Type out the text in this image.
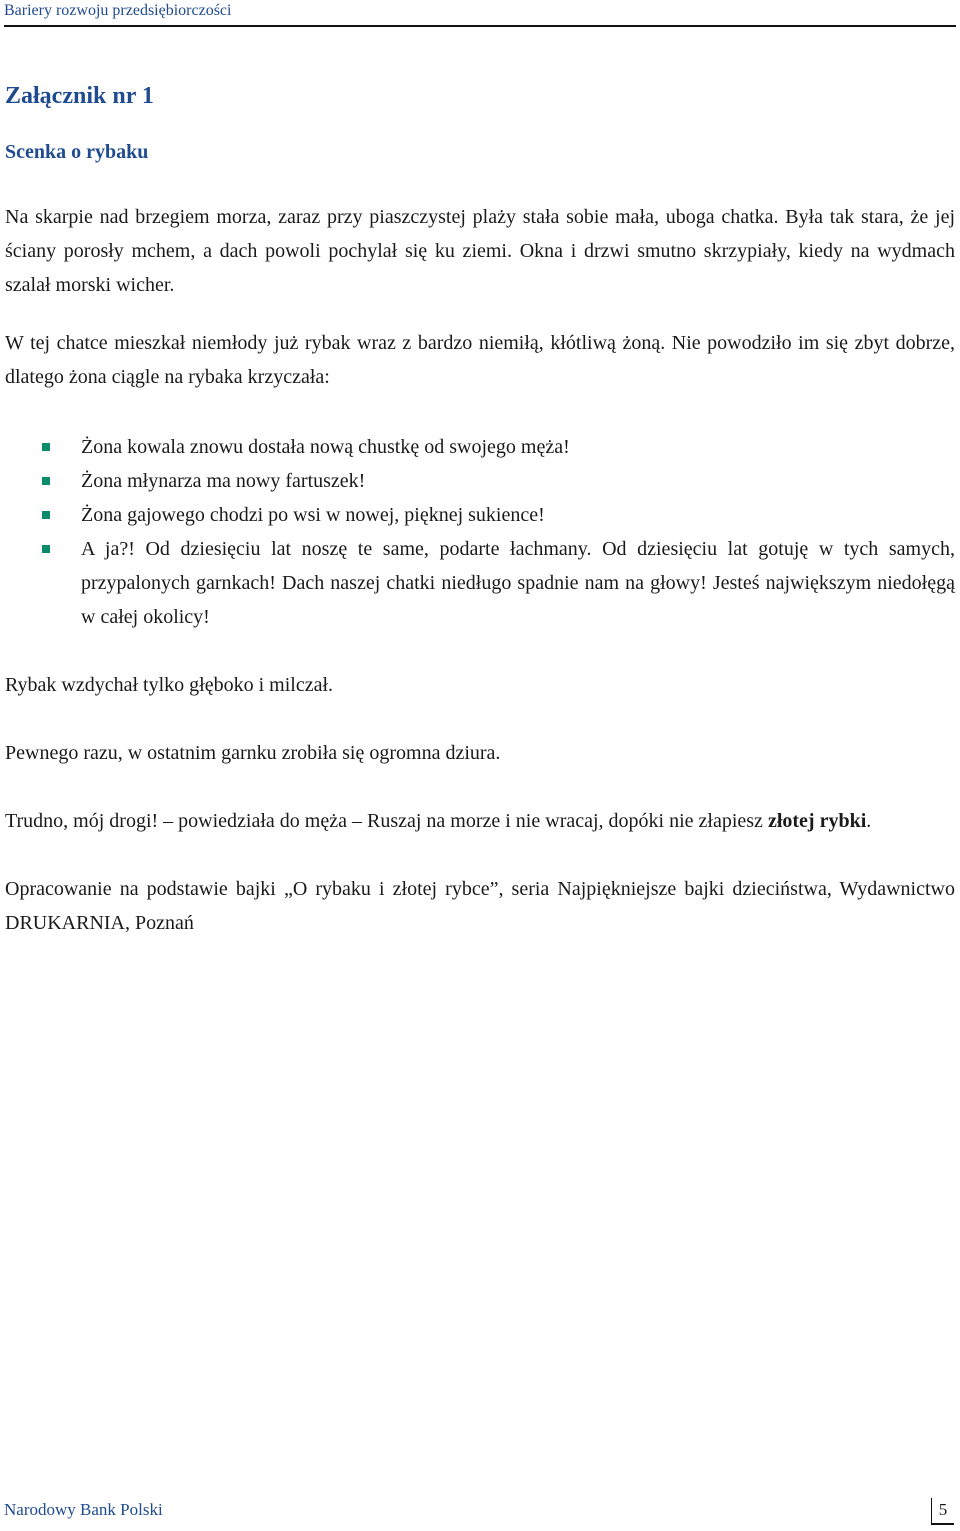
Bariery rozwoju przedsiębiorczości
Załącznik nr 1
Scenka o rybaku

Na skarpie nad brzegiem morza, zaraz przy piaszczystej plaży stała sobie mała, uboga chatka. Była tak stara, że jej ściany porosły mchem, a dach powoli pochylał się ku ziemi. Okna i drzwi smutno skrzypiały, kiedy na wydmach szalał morski wicher.

W tej chatce mieszkał niemłody już rybak wraz z bardzo niemiłą, kłótliwą żoną. Nie powodziło im się zbyt dobrze, dlatego żona ciągle na rybaka krzyczała:

Żona kowala znowu dostała nową chustkę od swojego męża!
Żona młynarza ma nowy fartuszek!
Żona gajowego chodzi po wsi w nowej, pięknej sukience!
A ja?! Od dziesięciu lat noszę te same, podarte łachmany. Od dziesięciu lat gotuję w tych samych, przypalonych garnkach! Dach naszej chatki niedługo spadnie nam na głowy! Jesteś największym niedołęgą w całej okolicy!

Rybak wzdychał tylko głęboko i milczał.

Pewnego razu, w ostatnim garnku zrobiła się ogromna dziura.

Trudno, mój drogi! – powiedziała do męża – Ruszaj na morze i nie wracaj, dopóki nie złapiesz złotej rybki.

Opracowanie na podstawie bajki „O rybaku i złotej rybce”, seria Najpiękniejsze bajki dzieciństwa, Wydawnictwo DRUKARNIA, Poznań

Narodowy Bank Polski	5
